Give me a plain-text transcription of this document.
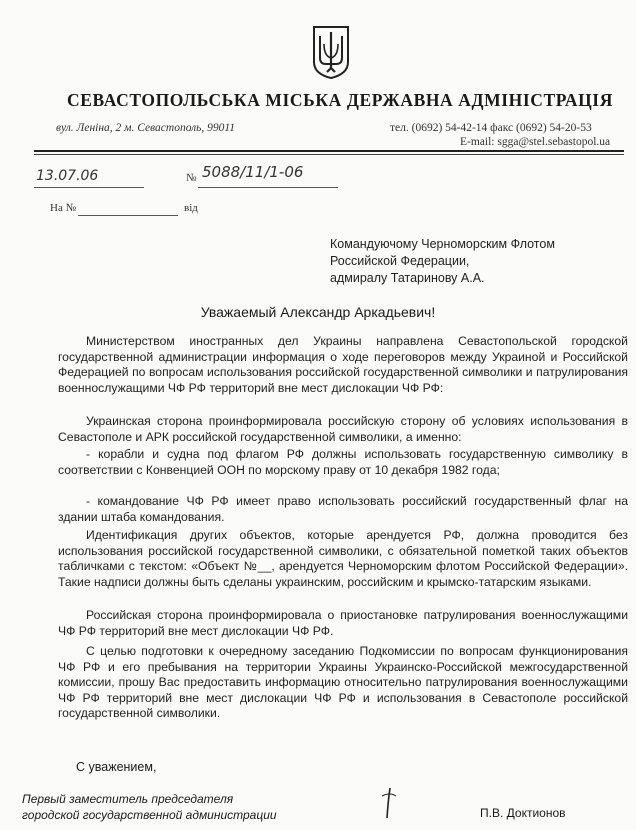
СЕВАСТОПОЛЬСЬКА МІСЬКА ДЕРЖАВНА АДМІНІСТРАЦІЯ
вул. Леніна, 2 м. Севастополь, 99011	тел. (0692) 54-42-14 факс (0692) 54-20-53
E-mail: sgga@stel.sebastopol.ua
13.07.06	№ 5088/11/1-06
На №	від
Командуючому Черноморским Флотом
Российской Федерации,
адмиралу Татаринову А.А.
Уважаемый Александр Аркадьевич!
Министерством иностранных дел Украины направлена Севастопольской городской государственной администрации информация о ходе переговоров между Украиной и Российской Федерацией по вопросам использования российской государственной символики и патрулирования военнослужащими ЧФ РФ территорий вне мест дислокации ЧФ РФ:
Украинская сторона проинформировала российскую сторону об условиях использования в Севастополе и АРК российской государственной символики, а именно:
- корабли и судна под флагом РФ должны использовать государственную символику в соответствии с Конвенцией ООН по морскому праву от 10 декабря 1982 года;
- командование ЧФ РФ имеет право использовать российский государственный флаг на здании штаба командования.
Идентификация других объектов, которые арендуется РФ, должна проводится без использования российской государственной символики, с обязательной пометкой таких объектов табличками с текстом: «Объект №__, арендуется Черноморским флотом Российской Федерации». Такие надписи должны быть сделаны украинским, российским и крымско-татарским языками.
Российская сторона проинформировала о приостановке патрулирования военнослужащими ЧФ РФ территорий вне мест дислокации ЧФ РФ.
С целью подготовки к очередному заседанию Подкомиссии по вопросам функционирования ЧФ РФ и его пребывания на территории Украины Украинско-Российской межгосударственной комиссии, прошу Вас предоставить информацию относительно патрулирования военнослужащими ЧФ РФ территорий вне мест дислокации ЧФ РФ и использования в Севастополе российской государственной символики.
С уважением,
Первый заместитель председателя
городской государственной администрации	П.В. Доктионов
